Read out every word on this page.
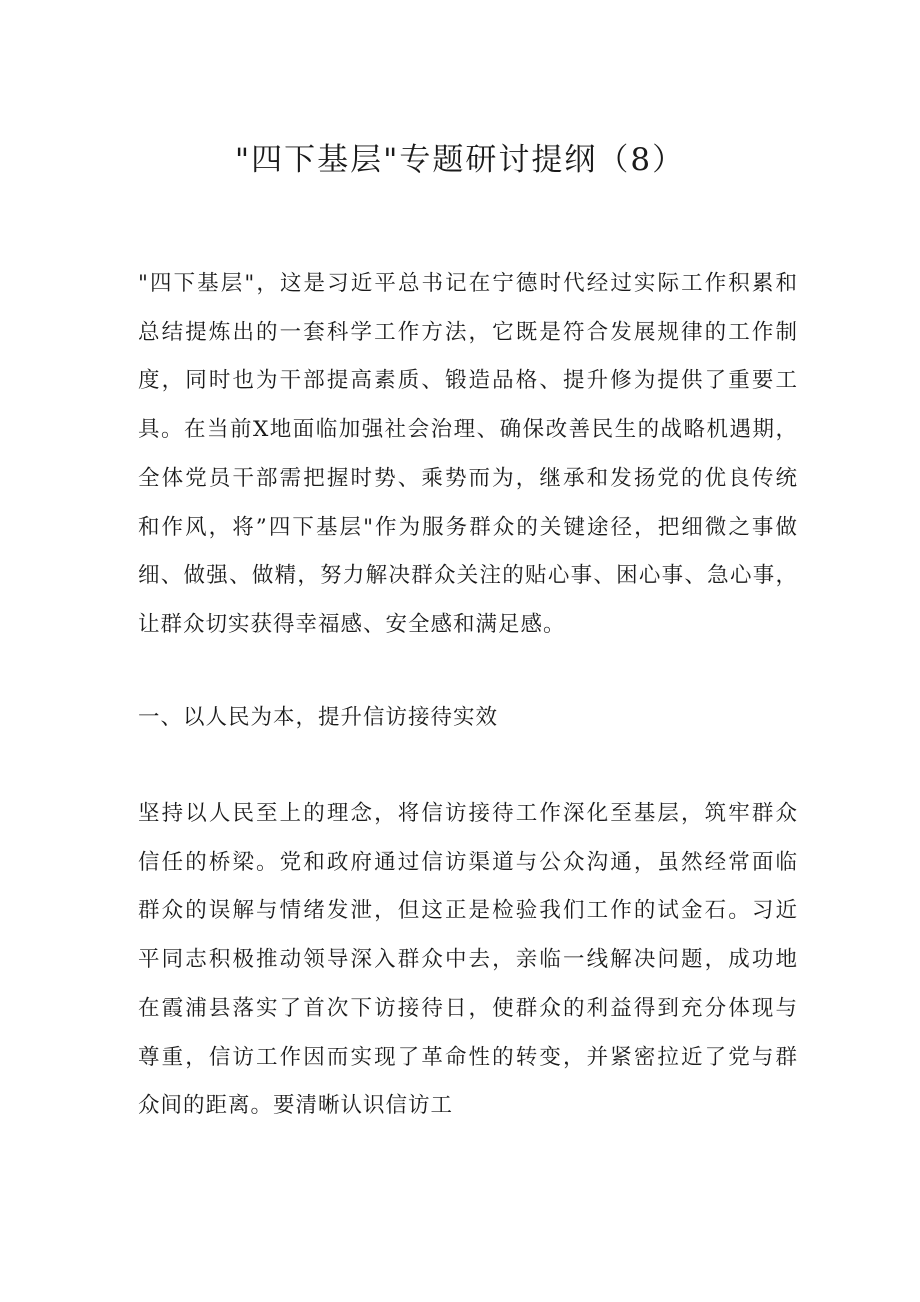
"四下基层"专题研讨提纲（8）
"四下基层"，这是习近平总书记在宁德时代经过实际工作积累和
总结提炼出的一套科学工作方法，它既是符合发展规律的工作制
度，同时也为干部提高素质、锻造品格、提升修为提供了重要工
具。在当前X地面临加强社会治理、确保改善民生的战略机遇期，
全体党员干部需把握时势、乘势而为，继承和发扬党的优良传统
和作风，将”四下基层"作为服务群众的关键途径，把细微之事做
细、做强、做精，努力解决群众关注的贴心事、困心事、急心事，
让群众切实获得幸福感、安全感和满足感。
一、以人民为本，提升信访接待实效
坚持以人民至上的理念，将信访接待工作深化至基层，筑牢群众
信任的桥梁。党和政府通过信访渠道与公众沟通，虽然经常面临
群众的误解与情绪发泄，但这正是检验我们工作的试金石。习近
平同志积极推动领导深入群众中去，亲临一线解决问题，成功地
在霞浦县落实了首次下访接待日，使群众的利益得到充分体现与
尊重，信访工作因而实现了革命性的转变，并紧密拉近了党与群
众间的距离。要清晰认识信访工
